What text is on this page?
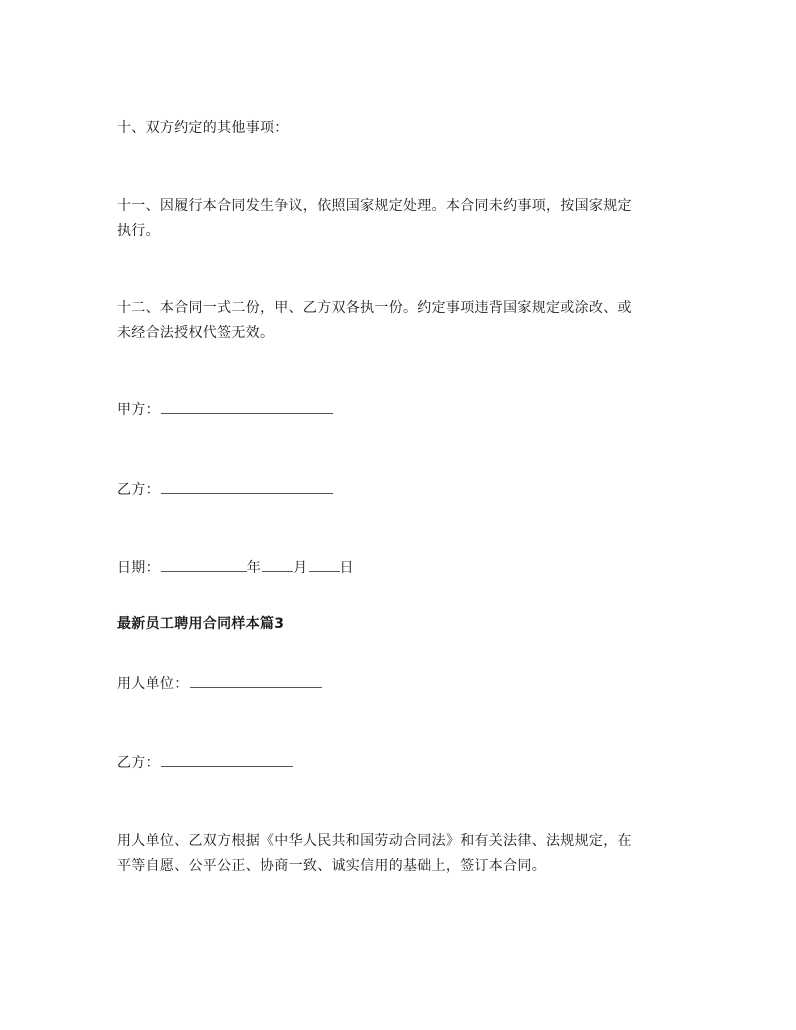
十、双方约定的其他事项：

十一、因履行本合同发生争议，依照国家规定处理。本合同未约事项，按国家规定
执行。

十二、本合同一式二份，甲、乙方双各执一份。约定事项违背国家规定或涂改、或
未经合法授权代签无效。

甲方：

乙方：

日期：	年 月 日

最新员工聘用合同样本篇3

用人单位：

乙方：

用人单位、乙双方根据《中华人民共和国劳动合同法》和有关法律、法规规定，在
平等自愿、公平公正、协商一致、诚实信用的基础上，签订本合同。
